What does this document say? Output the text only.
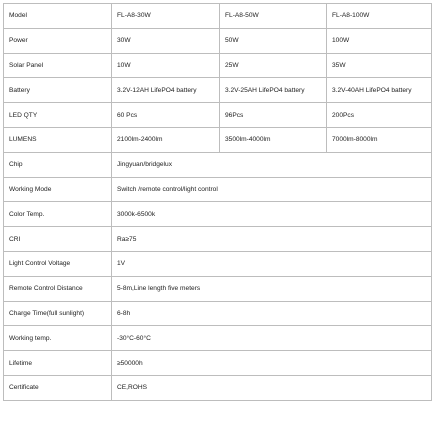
Model	FL-A8-30W	FL-A8-50W	FL-A8-100W
Power	30W	50W	100W
Solar Panel	10W	25W	35W
Battery	3.2V-12AH LifePO4 battery	3.2V-25AH LifePO4 battery	3.2V-40AH LifePO4 battery
LED QTY	60 Pcs	96Pcs	200Pcs
LUMENS	2100lm-2400lm	3500lm-4000lm	7000lm-8000lm
Chip	Jingyuan/bridgelux		
Working Mode	Switch /remote control/light control		
Color Temp.	3000k-6500k		
CRI	Ra≥75		
Light Control Voltage	1V		
Remote Control Distance	5-8m,Line length five meters		
Charge Time(full sunlight)	6-8h		
Working temp.	-30°C-60°C		
Lifetime	≥50000h		
Certificate	CE,ROHS		
